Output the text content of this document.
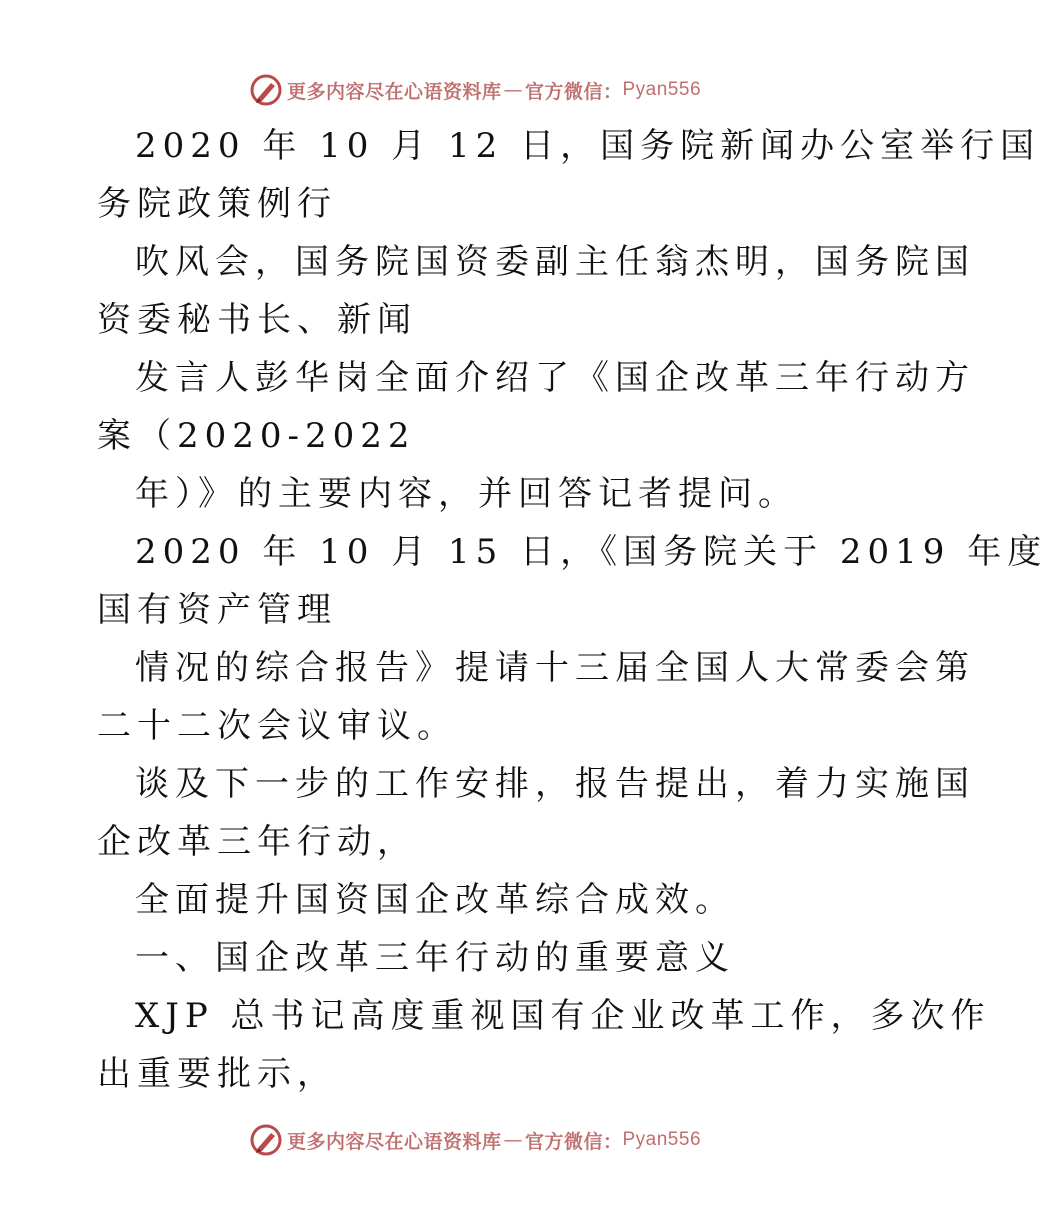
更多内容尽在心语资料库 — 官方微信： Pyan556
2020 年 10 月 12 日，国务院新闻办公室举行国
务院政策例行
吹风会，国务院国资委副主任翁杰明，国务院国
资委秘书长、新闻
发言人彭华岗全面介绍了《国企改革三年行动方
案（2020-2022
年）》的主要内容，并回答记者提问。
2020 年 10 月 15 日，《国务院关于 2019 年度
国有资产管理
情况的综合报告》提请十三届全国人大常委会第
二十二次会议审议。
谈及下一步的工作安排，报告提出，着力实施国
企改革三年行动，
全面提升国资国企改革综合成效。
一、国企改革三年行动的重要意义
XJP 总书记高度重视国有企业改革工作，多次作
出重要批示，
更多内容尽在心语资料库 — 官方微信： Pyan556
